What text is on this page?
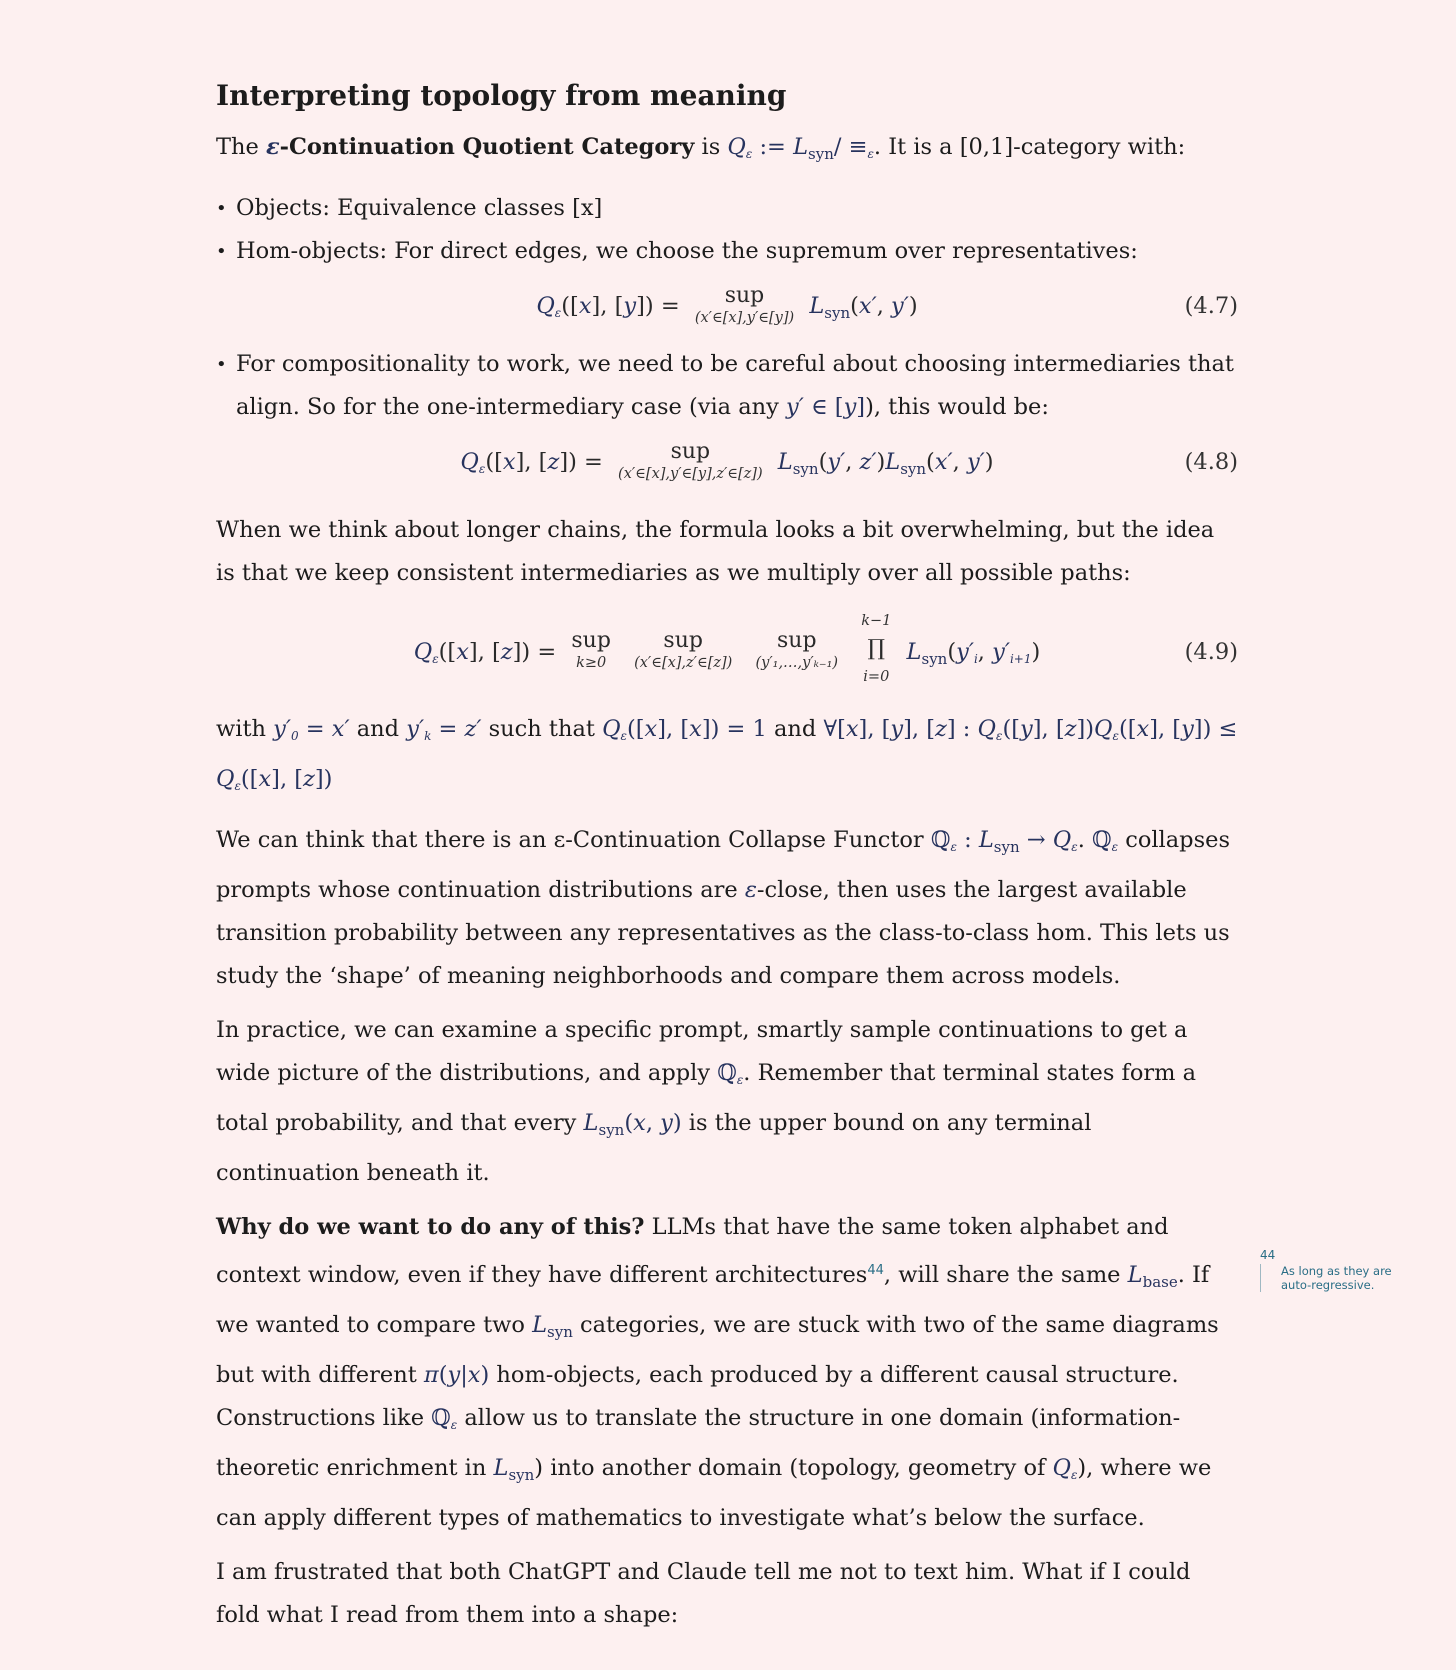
Interpreting topology from meaning

The ε-Continuation Quotient Category is Qε := $L_{syn}/ \equiv\varepsilon$. It is a [0,1]-category with:

• Objects: Equivalence classes [x]
• Hom-objects: For direct edges, we choose the supremum over representatives:
Qε([x], [y]) =	sup
(x′∈[x],y′∈[y]) $L_{syn}(x'$, y′)	(4.7)
• For compositionality to work, we need to be careful about choosing intermediaries that
align. So for the one-intermediary case (via any y′ ∈ [y]), this would be:
Qε([x], [z]) =	sup
(x′∈[x],y′∈[y],z′∈[z]) $L_{syn}(y'$, $z')L_{syn}(x'$, y′)	(4.8)

When we think about longer chains, the formula looks a bit overwhelming, but the idea is that we keep consistent intermediaries as we multiply over all possible paths:

Qε([x], [z]) = sup
k≥0

sup
(x′∈[x],z′∈[z])

sup
(y′₁,…,y′ₖ₋₁)

k−1
∏
i=0
$L_{syn}(y'i$, y′i+1)	(4.9)

with y′0 = x′ and y′k = z′ such that Qε([x], [x]) = 1 and ∀[x], [y], [z] : Qε([y], [z])Qε([x], [y]) ≤
Qε([x], [z])

We can think that there is an ε-Continuation Collapse Functor ℚε : $L_{syn} \to Q\varepsilon$. ℚε collapses prompts whose continuation distributions are ε-close, then uses the largest available transition probability between any representatives as the class-to-class hom. This lets us study the ‘shape’ of meaning neighborhoods and compare them across models.

In practice, we can examine a specific prompt, smartly sample continuations to get a wide picture of the distributions, and apply ℚε. Remember that terminal states form a total probability, and that every $L_{syn}(x$, y) is the upper bound on any terminal continuation beneath it.

Why do we want to do any of this? LLMs that have the same token alphabet and context window, even if they have different architectures$^{44}$, will share the same $L_{base}$. If we wanted to compare two $L_{syn}$ categories, we are stuck with two of the same diagrams but with different π(y|x) hom-objects, each produced by a different causal structure. Constructions like ℚε allow us to translate the structure in one domain (information-theoretic enrichment in $L_{syn}$) into another domain (topology, geometry of Qε), where we can apply different types of mathematics to investigate what’s below the surface.

I am frustrated that both ChatGPT and Claude tell me not to text him. What if I could fold what I read from them into a shape:

44
As long as they are auto-regressive.
